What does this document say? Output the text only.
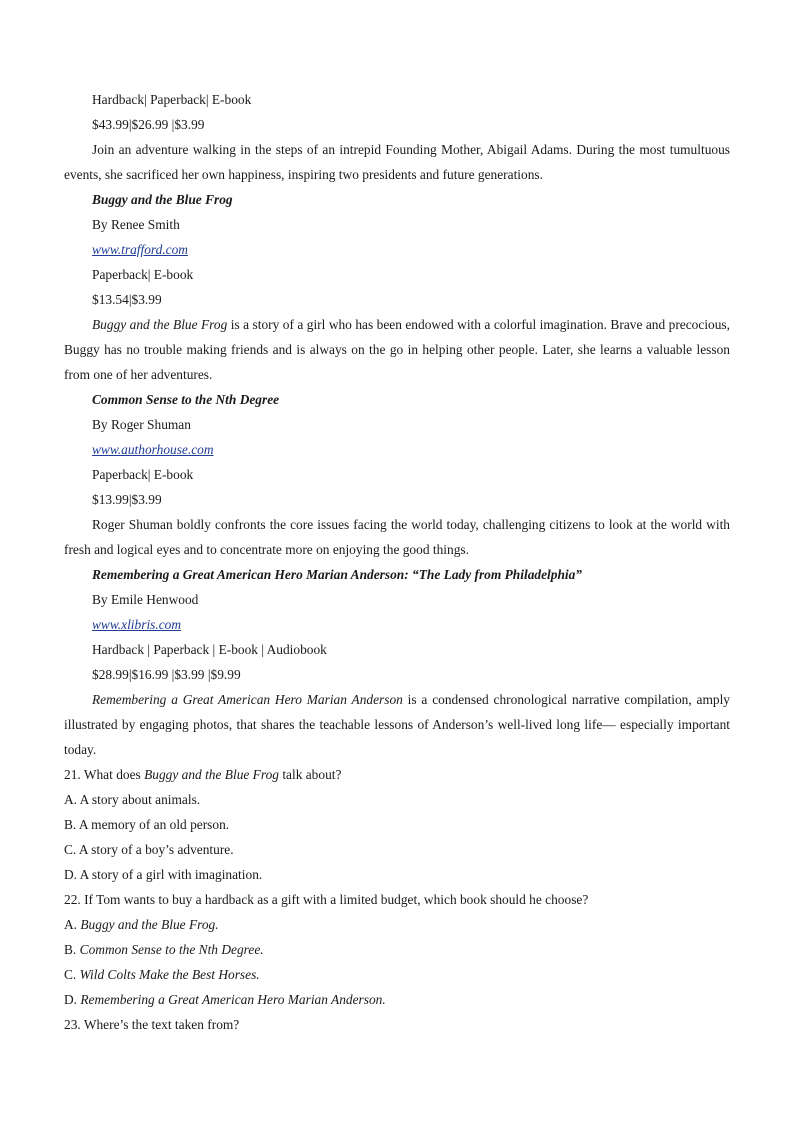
Hardback| Paperback| E-book
$43.99|$26.99 |$3.99

Join an adventure walking in the steps of an intrepid Founding Mother, Abigail Adams. During the most tumultuous events, she sacrificed her own happiness, inspiring two presidents and future generations.

Buggy and the Blue Frog
By Renee Smith
www.trafford.com
Paperback| E-book
$13.54|$3.99

Buggy and the Blue Frog is a story of a girl who has been endowed with a colorful imagination. Brave and precocious, Buggy has no trouble making friends and is always on the go in helping other people. Later, she learns a valuable lesson from one of her adventures.

Common Sense to the Nth Degree
By Roger Shuman
www.authorhouse.com
Paperback| E-book
$13.99|$3.99

Roger Shuman boldly confronts the core issues facing the world today, challenging citizens to look at the world with fresh and logical eyes and to concentrate more on enjoying the good things.

Remembering a Great American Hero Marian Anderson: “The Lady from Philadelphia”
By Emile Henwood
www.xlibris.com
Hardback | Paperback | E-book | Audiobook
$28.99|$16.99 |$3.99 |$9.99

Remembering a Great American Hero Marian Anderson is a condensed chronological narrative compilation, amply illustrated by engaging photos, that shares the teachable lessons of Anderson’s well-lived long life— especially important today.

21. What does Buggy and the Blue Frog talk about?
A. A story about animals.
B. A memory of an old person.
C. A story of a boy’s adventure.
D. A story of a girl with imagination.
22. If Tom wants to buy a hardback as a gift with a limited budget, which book should he choose?
A. Buggy and the Blue Frog.
B. Common Sense to the Nth Degree.
C. Wild Colts Make the Best Horses.
D. Remembering a Great American Hero Marian Anderson.
23. Where’s the text taken from?
